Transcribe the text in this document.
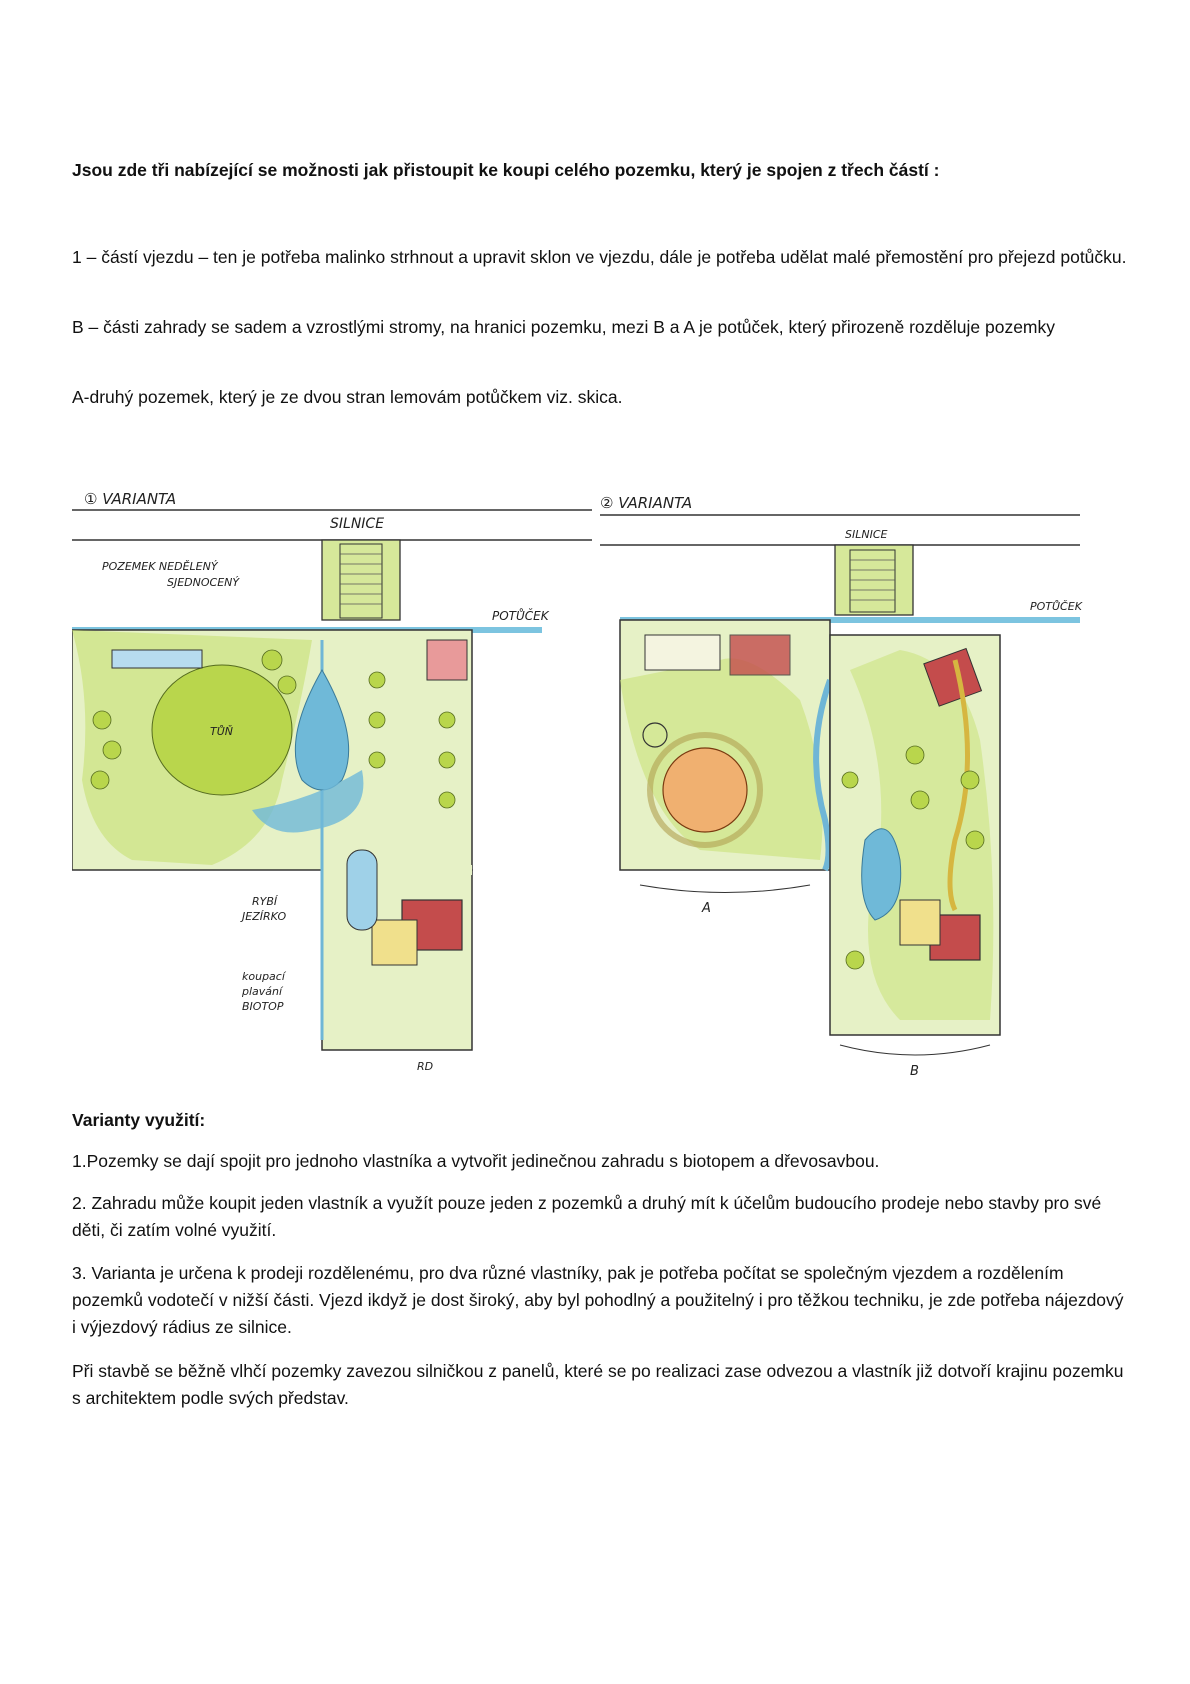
Jsou zde tři nabízející se možnosti jak přistoupit ke koupi celého pozemku, který je spojen z třech částí :
1 – částí vjezdu – ten je potřeba malinko strhnout a upravit sklon ve vjezdu, dále je potřeba udělat malé přemostění pro přejezd potůčku.
B – části zahrady se sadem a vzrostlými stromy, na hranici pozemku, mezi B a A je potůček, který přirozeně rozděluje pozemky
A-druhý pozemek, který je ze dvou stran lemovám potůčkem viz. skica.
① VARIANTA
SILNICE
POZEMEK NEDĚLENÝ
SJEDNOCENÝ
POTŮČEK
TŮŇ
RYBÍ
JEZÍRKO
koupací
plavání
BIOTOP
RD
② VARIANTA
SILNICE
POTŮČEK
A
B
Varianty využití:
1.Pozemky se dají spojit pro jednoho vlastníka a vytvořit jedinečnou zahradu s biotopem a dřevosavbou.
2. Zahradu může koupit jeden vlastník a využít pouze jeden z pozemků a druhý mít k účelům budoucího prodeje nebo stavby pro své děti, či zatím volné využití.
3. Varianta je určena k prodeji rozdělenému, pro dva různé vlastníky, pak je potřeba počítat se společným vjezdem a rozdělením pozemků vodotečí v nižší části. Vjezd ikdyž je dost široký, aby byl pohodlný a použitelný i pro těžkou techniku, je zde potřeba nájezdový i výjezdový rádius ze silnice.
Při stavbě se běžně vlhčí pozemky zavezou silničkou z panelů, které se po realizaci zase odvezou a vlastník již dotvoří krajinu pozemku s architektem podle svých představ.
